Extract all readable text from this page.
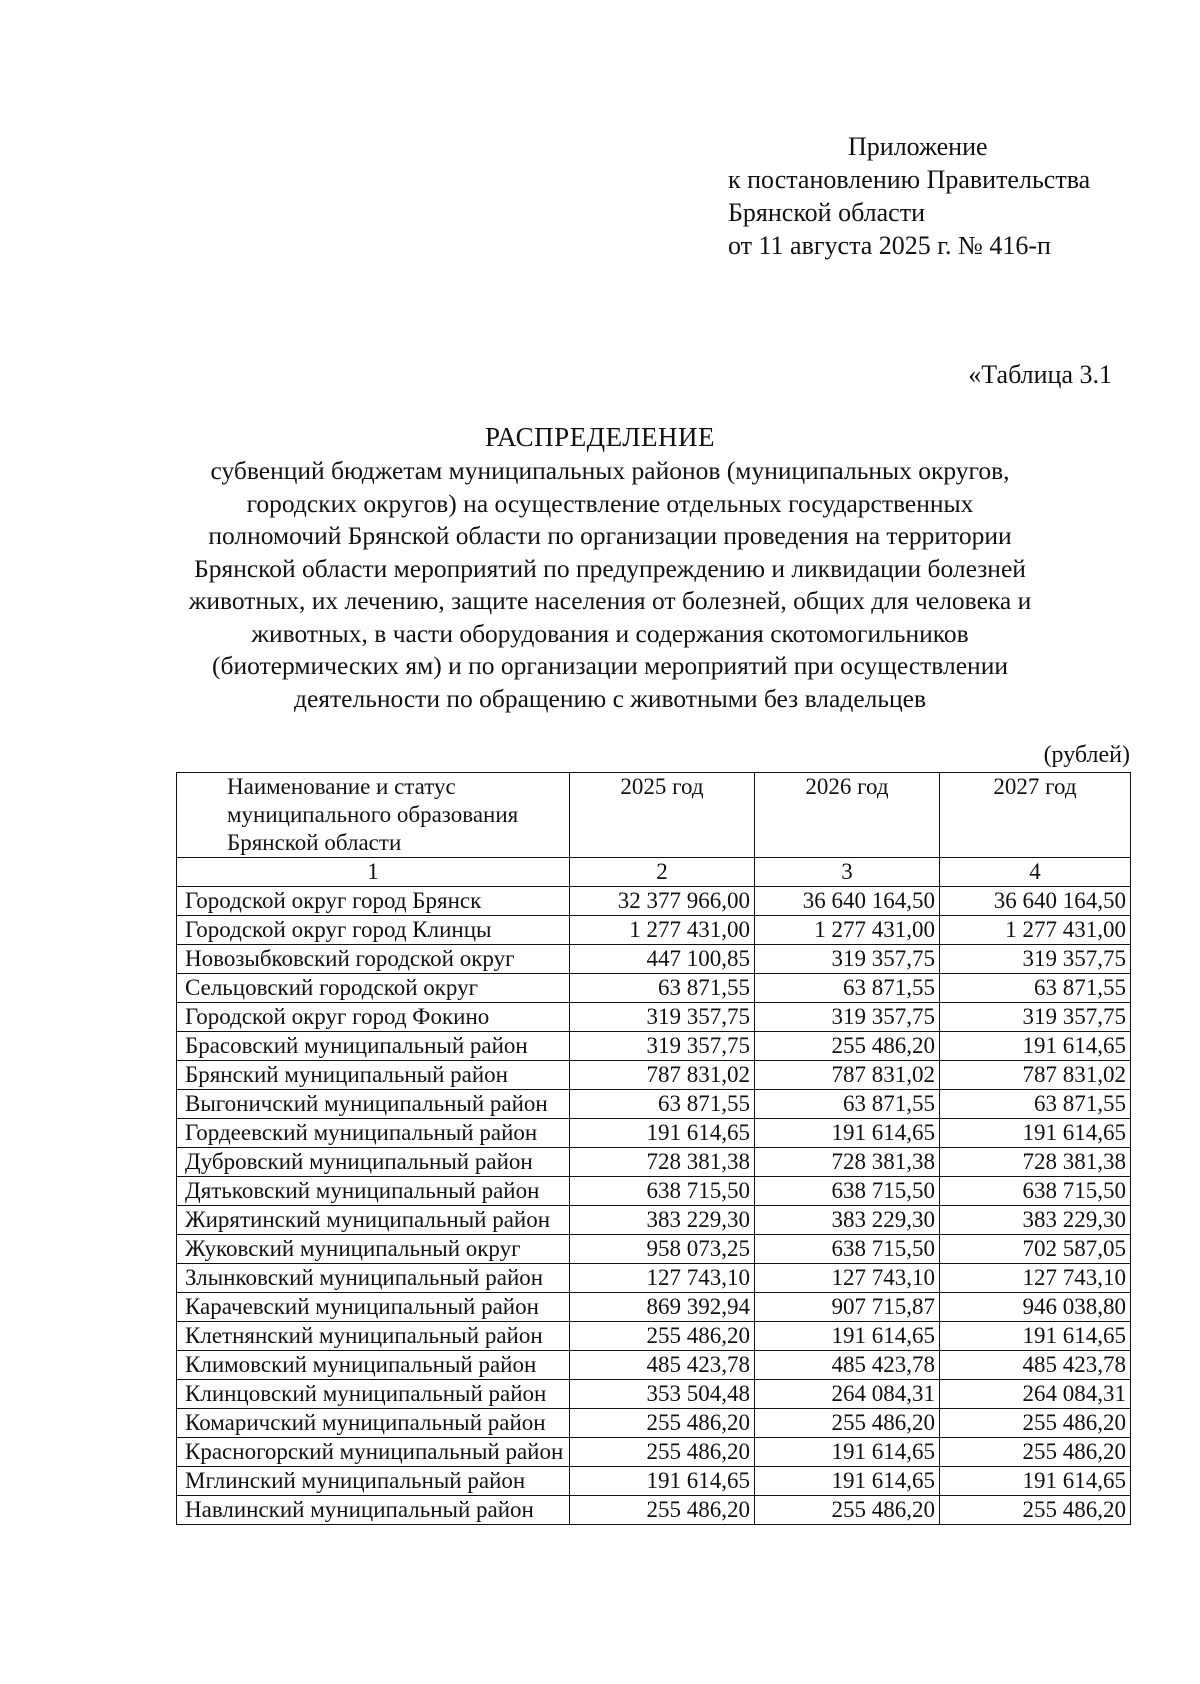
Приложение
к постановлению Правительства
Брянской области
от 11 августа 2025 г. № 416-п
«Таблица 3.1
РАСПРЕДЕЛЕНИЕ
субвенций бюджетам муниципальных районов (муниципальных округов, городских округов) на осуществление отдельных государственных полномочий Брянской области по организации проведения на территории Брянской области мероприятий по предупреждению и ликвидации болезней животных, их лечению, защите населения от болезней, общих для человека и животных, в части оборудования и содержания скотомогильников (биотермических ям) и по организации мероприятий при осуществлении деятельности по обращению с животными без владельцев
(рублей)
Наименование и статус муниципального образования Брянской области	2025 год	2026 год	2027 год
1	2	3	4
Городской округ город Брянск	32 377 966,00	36 640 164,50	36 640 164,50
Городской округ город Клинцы	1 277 431,00	1 277 431,00	1 277 431,00
Новозыбковский городской округ	447 100,85	319 357,75	319 357,75
Сельцовский городской округ	63 871,55	63 871,55	63 871,55
Городской округ город Фокино	319 357,75	319 357,75	319 357,75
Брасовский муниципальный район	319 357,75	255 486,20	191 614,65
Брянский муниципальный район	787 831,02	787 831,02	787 831,02
Выгоничский муниципальный район	63 871,55	63 871,55	63 871,55
Гордеевский муниципальный район	191 614,65	191 614,65	191 614,65
Дубровский муниципальный район	728 381,38	728 381,38	728 381,38
Дятьковский муниципальный район	638 715,50	638 715,50	638 715,50
Жирятинский муниципальный район	383 229,30	383 229,30	383 229,30
Жуковский муниципальный округ	958 073,25	638 715,50	702 587,05
Злынковский муниципальный район	127 743,10	127 743,10	127 743,10
Карачевский муниципальный район	869 392,94	907 715,87	946 038,80
Клетнянский муниципальный район	255 486,20	191 614,65	191 614,65
Климовский муниципальный район	485 423,78	485 423,78	485 423,78
Клинцовский муниципальный район	353 504,48	264 084,31	264 084,31
Комаричский муниципальный район	255 486,20	255 486,20	255 486,20
Красногорский муниципальный район	255 486,20	191 614,65	255 486,20
Мглинский муниципальный район	191 614,65	191 614,65	191 614,65
Навлинский муниципальный район	255 486,20	255 486,20	255 486,20
